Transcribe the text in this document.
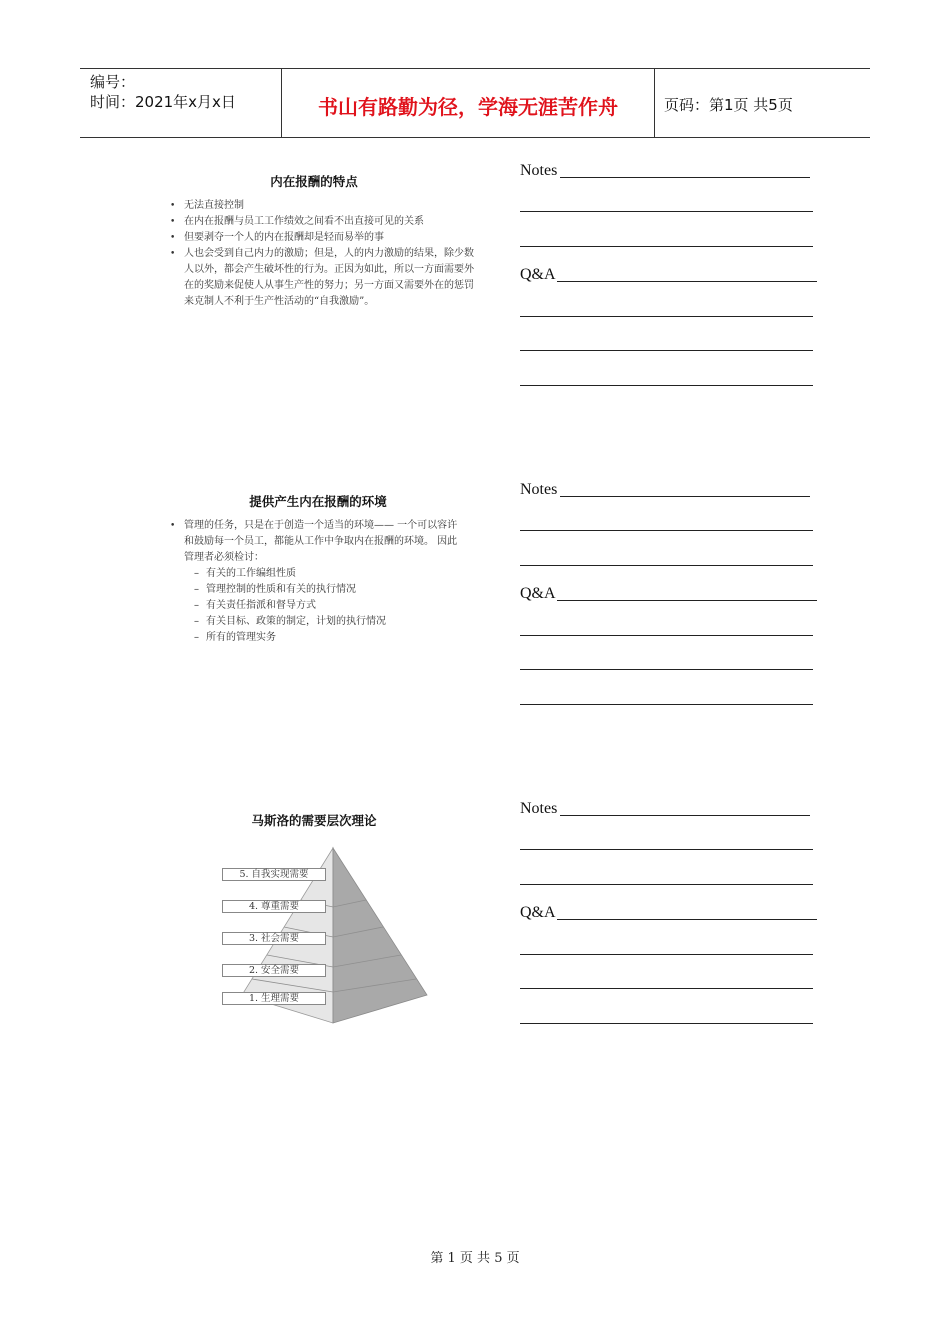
编号：
时间：2021年x月x日	书山有路勤为径，学海无涯苦作舟	页码：第1页 共5页
内在报酬的特点
• 无法直接控制
• 在内在报酬与员工工作绩效之间看不出直接可见的关系
• 但要剥夺一个人的内在报酬却是轻而易举的事
• 人也会受到自己内力的激励；但是，人的内力激励的结果，除少数人以外，都会产生破坏性的行为。正因为如此，所以一方面需要外在的奖励来促使人从事生产性的努力；另一方面又需要外在的惩罚来克制人不利于生产性活动的“自我激励”。
提供产生内在报酬的环境
• 管理的任务，只是在于创造一个适当的环境—— 一个可以容许和鼓励每一个员工，都能从工作中争取内在报酬的环境。 因此管理者必须检讨：
– 有关的工作编组性质
– 管理控制的性质和有关的执行情况
– 有关责任指派和督导方式
– 有关目标、政策的制定，计划的执行情况
– 所有的管理实务
马斯洛的需要层次理论
5. 自我实现需要
4. 尊重需要
3. 社会需要
2. 安全需要
1. 生理需要
Notes
Q&A
Notes
Q&A
Notes
Q&A
第 1 页 共 5 页
